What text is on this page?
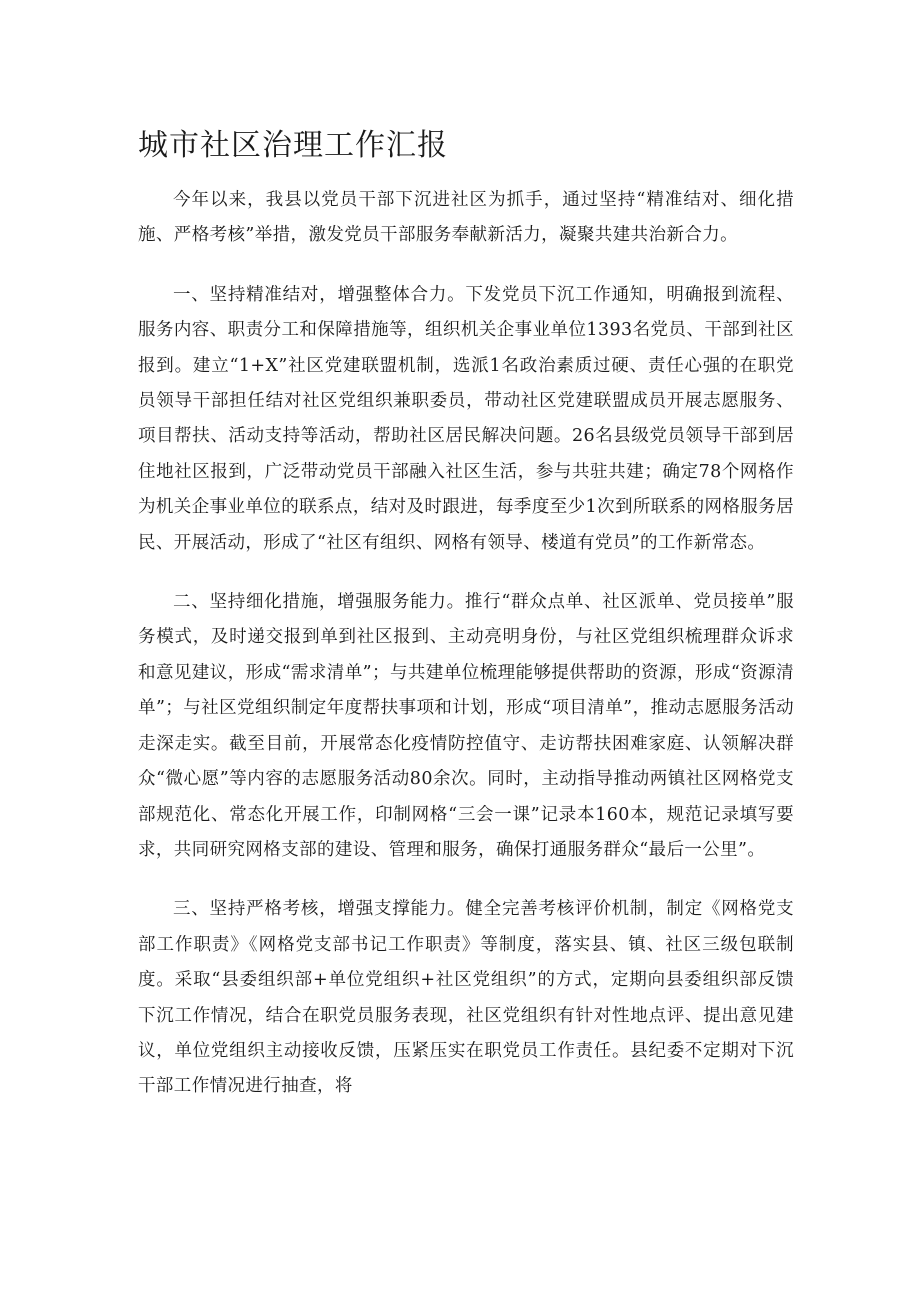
城市社区治理工作汇报

今年以来，我县以党员干部下沉进社区为抓手，通过坚持“精准结对、细化措施、严格考核”举措，激发党员干部服务奉献新活力，凝聚共建共治新合力。

一、坚持精准结对，增强整体合力。下发党员下沉工作通知，明确报到流程、服务内容、职责分工和保障措施等，组织机关企事业单位1393名党员、干部到社区报到。建立“1+X”社区党建联盟机制，选派1名政治素质过硬、责任心强的在职党员领导干部担任结对社区党组织兼职委员，带动社区党建联盟成员开展志愿服务、项目帮扶、活动支持等活动，帮助社区居民解决问题。26名县级党员领导干部到居住地社区报到，广泛带动党员干部融入社区生活，参与共驻共建；确定78个网格作为机关企事业单位的联系点，结对及时跟进，每季度至少1次到所联系的网格服务居民、开展活动，形成了“社区有组织、网格有领导、楼道有党员”的工作新常态。

二、坚持细化措施，增强服务能力。推行“群众点单、社区派单、党员接单”服务模式，及时递交报到单到社区报到、主动亮明身份，与社区党组织梳理群众诉求和意见建议，形成“需求清单”；与共建单位梳理能够提供帮助的资源，形成“资源清单”；与社区党组织制定年度帮扶事项和计划，形成“项目清单”，推动志愿服务活动走深走实。截至目前，开展常态化疫情防控值守、走访帮扶困难家庭、认领解决群众“微心愿”等内容的志愿服务活动80余次。同时，主动指导推动两镇社区网格党支部规范化、常态化开展工作，印制网格“三会一课”记录本160本，规范记录填写要求，共同研究网格支部的建设、管理和服务，确保打通服务群众“最后一公里”。

三、坚持严格考核，增强支撑能力。健全完善考核评价机制，制定《网格党支部工作职责》《网格党支部书记工作职责》等制度，落实县、镇、社区三级包联制度。采取“县委组织部+单位党组织+社区党组织”的方式，定期向县委组织部反馈下沉工作情况，结合在职党员服务表现，社区党组织有针对性地点评、提出意见建议，单位党组织主动接收反馈，压紧压实在职党员工作责任。县纪委不定期对下沉干部工作情况进行抽查，将
